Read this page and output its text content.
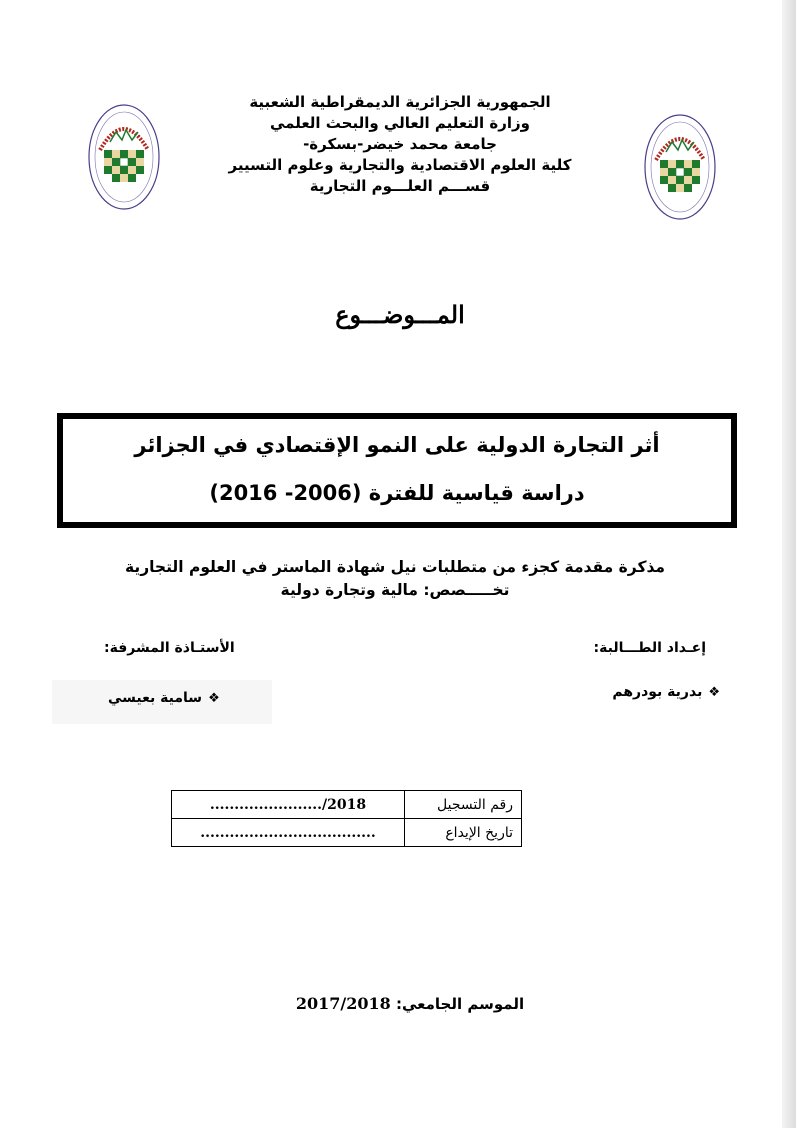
الجمهورية الجزائرية الديمقراطية الشعبية
وزارة التعليم العالي والبحث العلمي
جامعة محمد خيضر-بسكرة-
كلية العلوم الاقتصادية والتجارية وعلوم التسيير
قســـم العلـــوم التجارية
المـــوضـــوع
أثر التجارة الدولية على النمو الإقتصادي في الجزائر
دراسة قياسية للفترة (2006- 2016)
مذكرة مقدمة كجزء من متطلبات نيل شهادة الماستر في العلوم التجارية
تخـــــصص: مالية وتجارة دولية
إعـداد الطـــالبة:
الأستـاذة المشرفة:
❖بدرية بودرهم
❖سامية بعيسي
رقم التسجيل	2018/.......................
تاريخ الإيداع	....................................
الموسم الجامعي: 2017/2018
